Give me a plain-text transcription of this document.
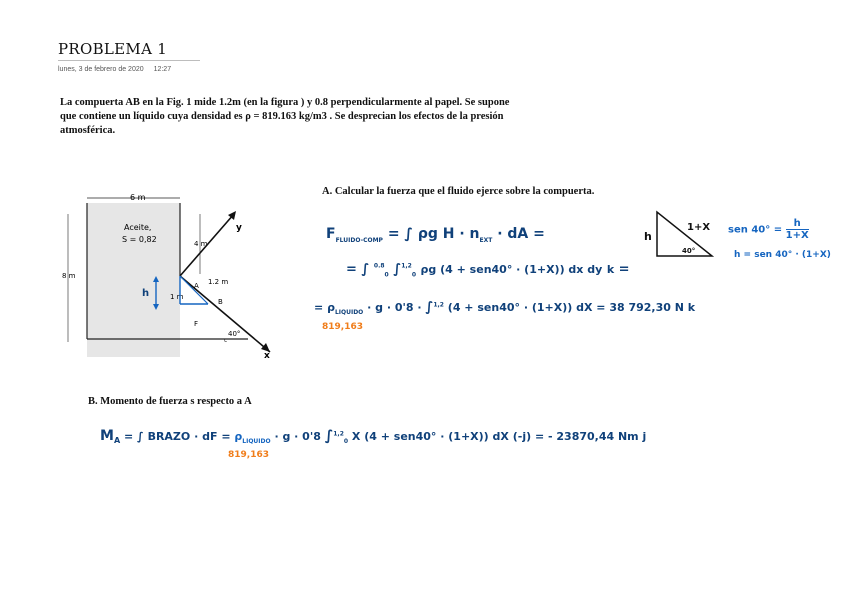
PROBLEMA 1
lunes, 3 de febrero de 2020 12:27
La compuerta AB en la Fig. 1 mide 1.2m (en la figura ) y 0.8 perpendicularmente al papel. Se supone
que contiene un líquido cuya densidad es ρ = 819.163 kg/m3 . Se desprecian los efectos de la presión
atmosférica.
6 m
8 m
4 m
Aceite,
S = 0,82
x
y
1.2 m
1 m
A
B
F
40°
h
⌞
A. Calcular la fuerza que el fluido ejerce sobre la compuerta.
$F_{FLUIDO-COMP}$ = ∫ ρg $H \cdot n_{EXT}$ · dA =
= ∫ $^{0.8}_0$ ∫$^{1,2}_0$ ρg (4 + sen40° · (1+X)) dx dy k =
= $\rho_{LIQUIDO} \cdot g \cdot 0'8 \cdot \int^{1,2}$ (4 + sen40° · (1+X)) dX = 38 792,30 N k
819,163
h
1+X
40°
sen $40^\circ = \frac{h}{1+X}$
h = sen 40° · (1+X)
B. Momento de fuerza s respecto a A
$M_A$ = ∫ BRAZO · dF = $\rho_{LIQUIDO} \cdot g \cdot 0'8$ ∫$^{1,2}_0$ X (4 + sen40° · (1+X)) dX (-j) = - 23870,44 Nm j
819,163
